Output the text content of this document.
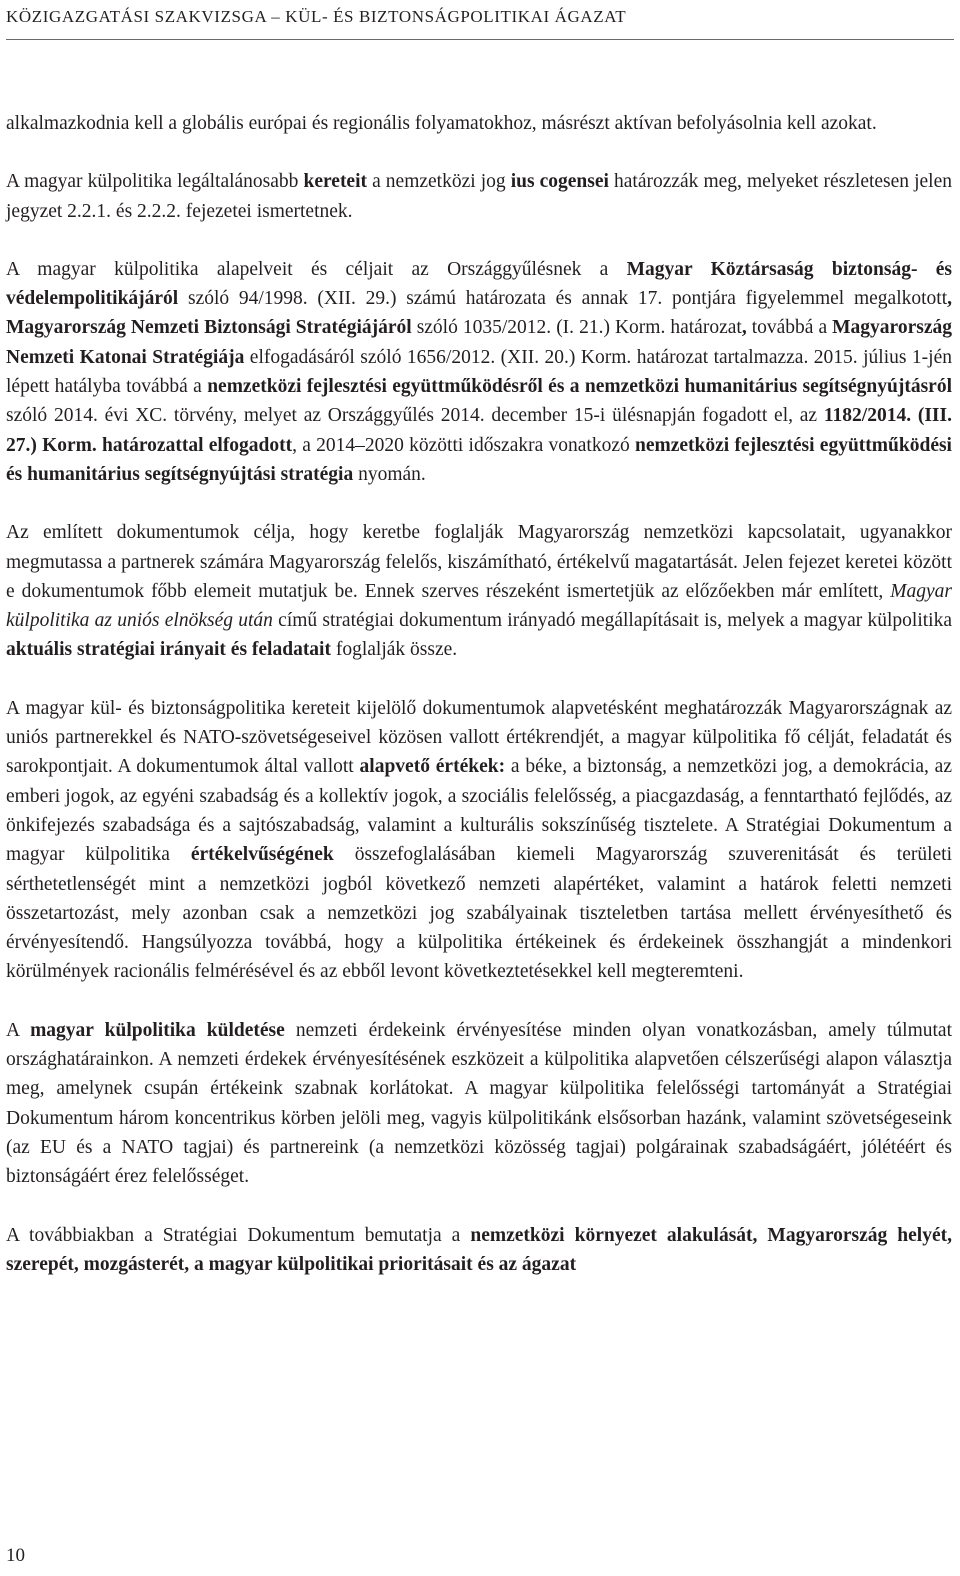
KÖZIGAZGATÁSI SZAKVIZSGA – KÜL- ÉS BIZTONSÁGPOLITIKAI ÁGAZAT

alkalmazkodnia kell a globális európai és regionális folyamatokhoz, másrészt aktívan befolyásolnia kell azokat.

A magyar külpolitika legáltalánosabb kereteit a nemzetközi jog ius cogensei határozzák meg, melyeket részletesen jelen jegyzet 2.2.1. és 2.2.2. fejezetei ismertetnek.

A magyar külpolitika alapelveit és céljait az Országgyűlésnek a Magyar Köztársaság biztonság- és védelempolitikájáról szóló 94/1998. (XII. 29.) számú határozata és annak 17. pontjára figyelemmel megalkotott, Magyarország Nemzeti Biztonsági Stratégiájáról szóló 1035/2012. (I. 21.) Korm. határozat, továbbá a Magyarország Nemzeti Katonai Stratégiája elfogadásáról szóló 1656/2012. (XII. 20.) Korm. határozat tartalmazza. 2015. július 1-jén lépett hatályba továbbá a nemzetközi fejlesztési együttműködésről és a nemzetközi humanitárius segítségnyújtásról szóló 2014. évi XC. törvény, melyet az Országgyűlés 2014. december 15-i ülésnapján fogadott el, az 1182/2014. (III. 27.) Korm. határozattal elfogadott, a 2014–2020 közötti időszakra vonatkozó nemzetközi fejlesztési együttműködési és humanitárius segítségnyújtási stratégia nyomán.

Az említett dokumentumok célja, hogy keretbe foglalják Magyarország nemzetközi kapcsolatait, ugyanakkor megmutassa a partnerek számára Magyarország felelős, kiszámítható, értékelvű magatartását. Jelen fejezet keretei között e dokumentumok főbb elemeit mutatjuk be. Ennek szerves részeként ismertetjük az előzőekben már említett, Magyar külpolitika az uniós elnökség után című stratégiai dokumentum irányadó megállapításait is, melyek a magyar külpolitika aktuális stratégiai irányait és feladatait foglalják össze.

A magyar kül- és biztonságpolitika kereteit kijelölő dokumentumok alapvetésként meghatározzák Magyarországnak az uniós partnerekkel és NATO-szövetségeseivel közösen vallott értékrendjét, a magyar külpolitika fő célját, feladatát és sarokpontjait. A dokumentumok által vallott alapvető értékek: a béke, a biztonság, a nemzetközi jog, a demokrácia, az emberi jogok, az egyéni szabadság és a kollektív jogok, a szociális felelősség, a piacgazdaság, a fenntartható fejlődés, az önkifejezés szabadsága és a sajtószabadság, valamint a kulturális sokszínűség tisztelete. A Stratégiai Dokumentum a magyar külpolitika értékelvűségének összefoglalásában kiemeli Magyarország szuverenitását és területi sérthetetlenségét mint a nemzetközi jogból következő nemzeti alapértéket, valamint a határok feletti nemzeti összetartozást, mely azonban csak a nemzetközi jog szabályainak tiszteletben tartása mellett érvényesíthető és érvényesítendő. Hangsúlyozza továbbá, hogy a külpolitika értékeinek és érdekeinek összhangját a mindenkori körülmények racionális felmérésével és az ebből levont következtetésekkel kell megteremteni.

A magyar külpolitika küldetése nemzeti érdekeink érvényesítése minden olyan vonatkozásban, amely túlmutat országhatárainkon. A nemzeti érdekek érvényesítésének eszközeit a külpolitika alapvetően célszerűségi alapon választja meg, amelynek csupán értékeink szabnak korlátokat. A magyar külpolitika felelősségi tartományát a Stratégiai Dokumentum három koncentrikus körben jelöli meg, vagyis külpolitikánk elsősorban hazánk, valamint szövetségeseink (az EU és a NATO tagjai) és partnereink (a nemzetközi közösség tagjai) polgárainak szabadságáért, jólétéért és biztonságáért érez felelősséget.

A továbbiakban a Stratégiai Dokumentum bemutatja a nemzetközi környezet alakulását, Magyarország helyét, szerepét, mozgásterét, a magyar külpolitikai prioritásait és az ágazat

10
